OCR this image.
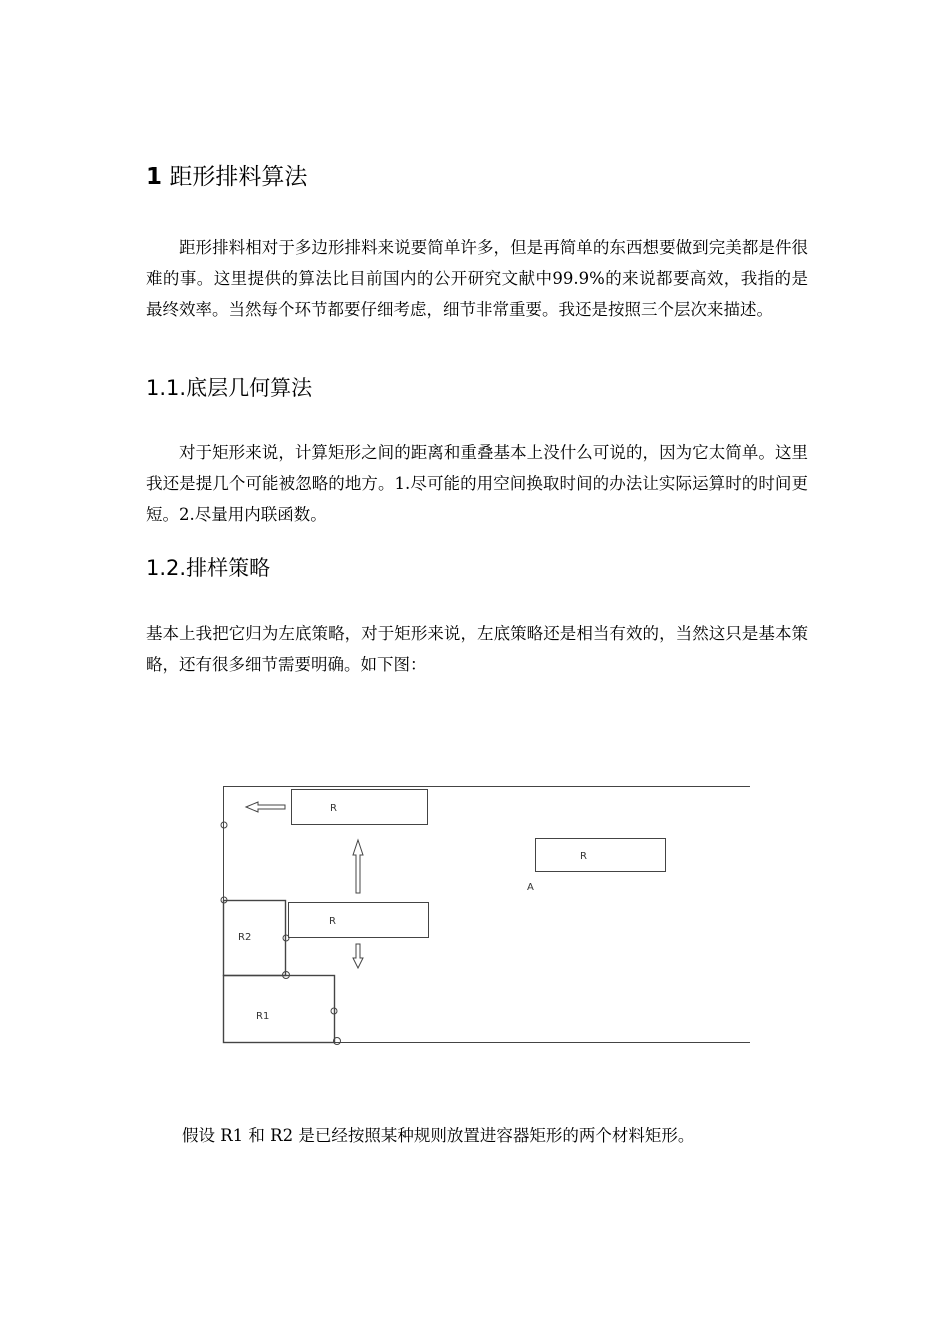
1 距形排料算法
距形排料相对于多边形排料来说要简单许多，但是再简单的东西想要做到完美都是件很难的事。这里提供的算法比目前国内的公开研究文献中99.9%的来说都要高效，我指的是最终效率。当然每个环节都要仔细考虑，细节非常重要。我还是按照三个层次来描述。
1.1.底层几何算法
对于矩形来说，计算矩形之间的距离和重叠基本上没什么可说的，因为它太简单。这里我还是提几个可能被忽略的地方。1.尽可能的用空间换取时间的办法让实际运算时的时间更短。2.尽量用内联函数。
1.2.排样策略
基本上我把它归为左底策略，对于矩形来说，左底策略还是相当有效的，当然这只是基本策略，还有很多细节需要明确。如下图：
R
R
A
R
R2
R1
假设 R1 和 R2 是已经按照某种规则放置进容器矩形的两个材料矩形。
